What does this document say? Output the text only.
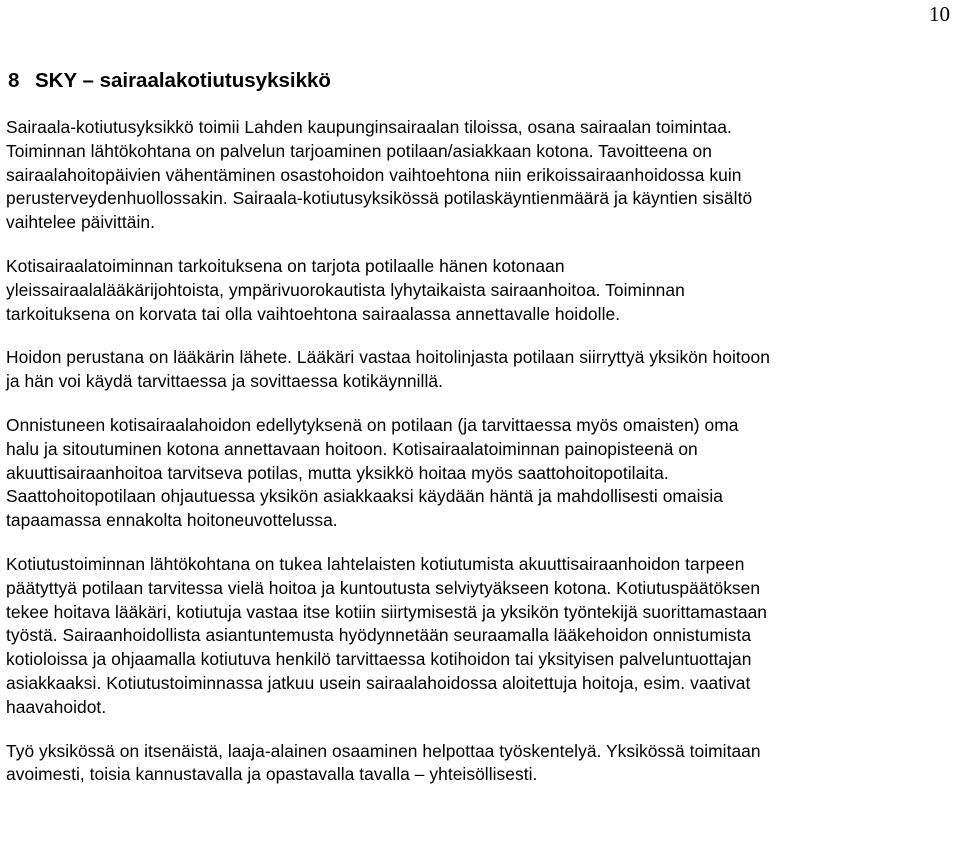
10
8 SKY – sairaalakotiutusyksikkö

Sairaala-kotiutusyksikkö toimii Lahden kaupunginsairaalan tiloissa, osana sairaalan toimintaa.
Toiminnan lähtökohtana on palvelun tarjoaminen potilaan/asiakkaan kotona. Tavoitteena on
sairaalahoitopäivien vähentäminen osastohoidon vaihtoehtona niin erikoissairaanhoidossa kuin
perusterveydenhuollossakin. Sairaala-kotiutusyksikössä potilaskäyntienmäärä ja käyntien sisältö
vaihtelee päivittäin.

Kotisairaalatoiminnan tarkoituksena on tarjota potilaalle hänen kotonaan
yleissairaalalääkärijohtoista, ympärivuorokautista lyhytaikaista sairaanhoitoa. Toiminnan
tarkoituksena on korvata tai olla vaihtoehtona sairaalassa annettavalle hoidolle.

Hoidon perustana on lääkärin lähete. Lääkäri vastaa hoitolinjasta potilaan siirryttyä yksikön hoitoon
ja hän voi käydä tarvittaessa ja sovittaessa kotikäynnillä.

Onnistuneen kotisairaalahoidon edellytyksenä on potilaan (ja tarvittaessa myös omaisten) oma
halu ja sitoutuminen kotona annettavaan hoitoon. Kotisairaalatoiminnan painopisteenä on
akuuttisairaanhoitoa tarvitseva potilas, mutta yksikkö hoitaa myös saattohoitopotilaita.
Saattohoitopotilaan ohjautuessa yksikön asiakkaaksi käydään häntä ja mahdollisesti omaisia
tapaamassa ennakolta hoitoneuvottelussa.

Kotiutustoiminnan lähtökohtana on tukea lahtelaisten kotiutumista akuuttisairaanhoidon tarpeen
päätyttyä potilaan tarvitessa vielä hoitoa ja kuntoutusta selviytyäkseen kotona. Kotiutuspäätöksen
tekee hoitava lääkäri, kotiutuja vastaa itse kotiin siirtymisestä ja yksikön työntekijä suorittamastaan
työstä. Sairaanhoidollista asiantuntemusta hyödynnetään seuraamalla lääkehoidon onnistumista
kotioloissa ja ohjaamalla kotiutuva henkilö tarvittaessa kotihoidon tai yksityisen palveluntuottajan
asiakkaaksi. Kotiutustoiminnassa jatkuu usein sairaalahoidossa aloitettuja hoitoja, esim. vaativat
haavahoidot.

Työ yksikössä on itsenäistä, laaja-alainen osaaminen helpottaa työskentelyä. Yksikössä toimitaan
avoimesti, toisia kannustavalla ja opastavalla tavalla – yhteisöllisesti.
